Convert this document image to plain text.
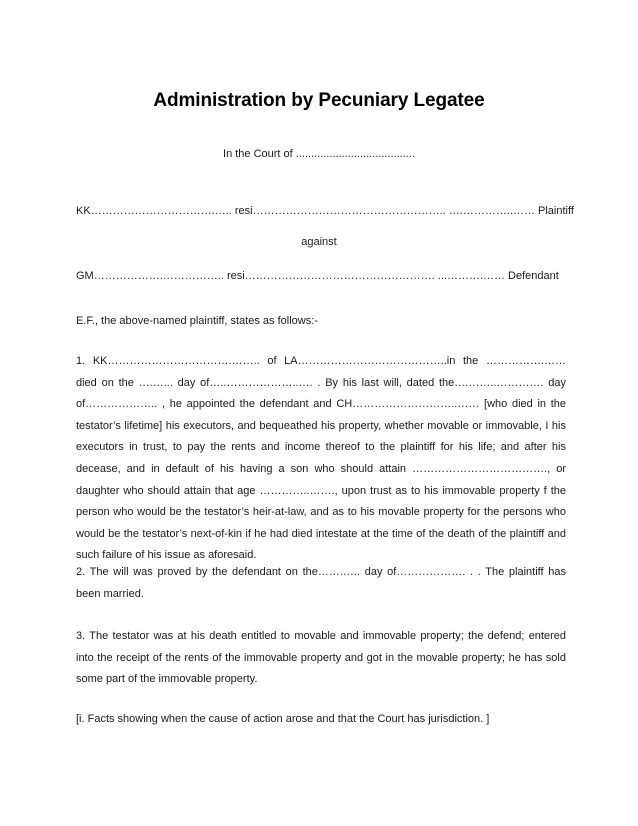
Administration by Pecuniary Legatee
In the Court of .......................................
KK…………………………….….. resi…………………………………………….. ….…………..…… Plaintiff
against
GM……………….…………….. resi……………………………………………. ...……….…… Defendant
E.F., the above-named plaintiff, states as follows:-

1. KK…………………………….…….. of LA…………………………………..in the …………….…… died on the ….…... day of…..………………..…. . By his last will, dated the….……..…………. day of……………….. , he appointed the defendant and CH………………………..…… [who died in the testator’s lifetime] his executors, and bequeathed his property, whether movable or immovable, I his executors in trust, to pay the rents and income thereof to the plaintiff for his life; and after his decease, and in default of his having a son who should attain ………………………………., or daughter who should attain that age …………..……., upon trust as to his immovable property f the person who would be the testator’s heir-at-law, and as to his movable property for the persons who would be the testator’s next-of-kin if he had died intestate at the time of the death of the plaintiff and such failure of his issue as aforesaid.

2. The will was proved by the defendant on the…….….. day of………………. . . The plaintiff has been married.

3. The testator was at his death entitled to movable and immovable property; the defend; entered into the receipt of the rents of the immovable property and got in the movable property; he has sold some part of the immovable property.

[i. Facts showing when the cause of action arose and that the Court has jurisdiction. ]
